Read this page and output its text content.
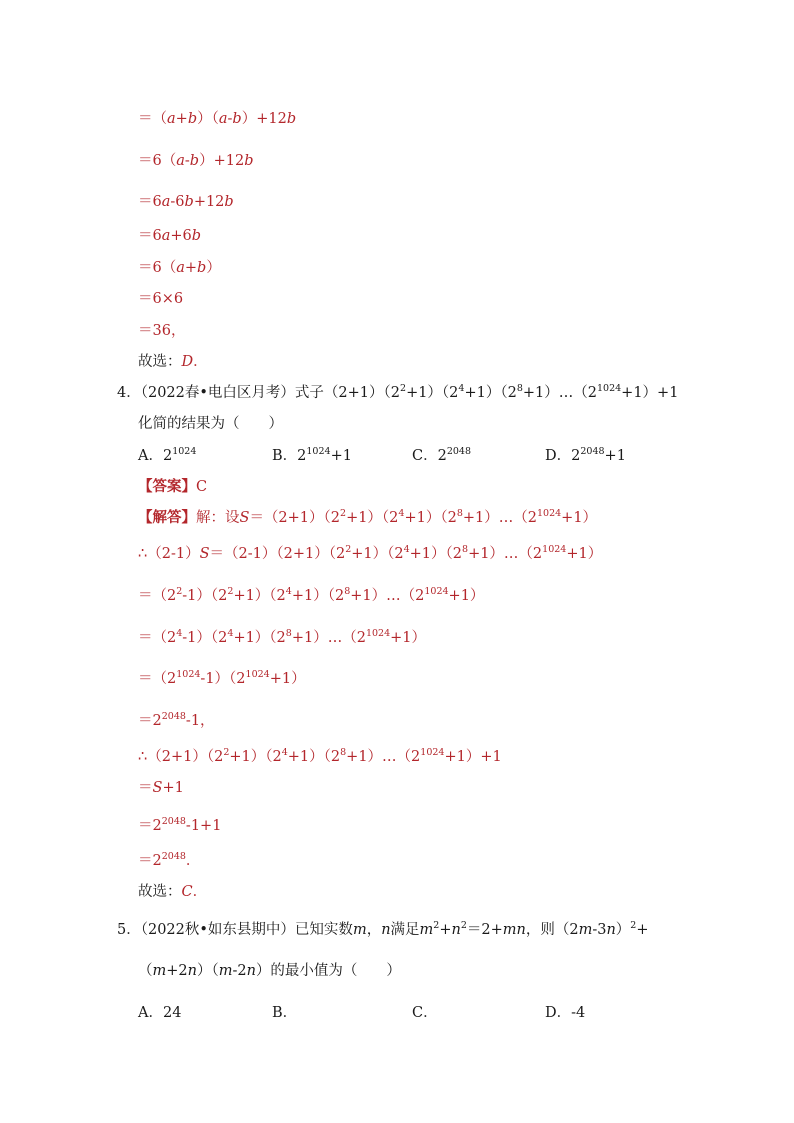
＝（a+b）（a-b）+12b
＝6（a-b）+12b
＝6a-6b+12b
＝6a+6b
＝6（a+b）
＝6×6
＝36，
故选：D．
4．（2022春•电白区月考）式子$(2+1)(2^2+1)(2^4+1)(2^8+1)\dots(2^{1024}+1)+1$
化简的结果为（　　）
A．$2^{1024}$	B．$2^{1024}+1$	C．$2^{2048}$	D．$2^{2048}+1$
【答案】C
【解答】解：设$S=(2+1)(2^2+1)(2^4+1)(2^8+1)\dots(2^{1024}+1)$
$\therefore(2-1)S=(2-1)(2+1)(2^2+1)(2^4+1)(2^8+1)\dots(2^{1024}+1)$
$=(2^2-1)(2^2+1)(2^4+1)(2^8+1)\dots(2^{1024}+1)$
$=(2^4-1)(2^4+1)(2^8+1)\dots(2^{1024}+1)$
$=(2^{1024}-1)(2^{1024}+1)$
$=2^{2048}-1$，
$\therefore(2+1)(2^2+1)(2^4+1)(2^8+1)\dots(2^{1024}+1)+1$
＝S+1
$=2^{2048}-1+1$
$=2^{2048}$．
故选：C．
5．（2022秋•如东县期中）已知实数m，n满足$m^2+n^2=2+mn$，则$(2m-3n)^2+$
（m+2n）（m-2n）的最小值为（　　）
A．24	B．	C．	D．-4
